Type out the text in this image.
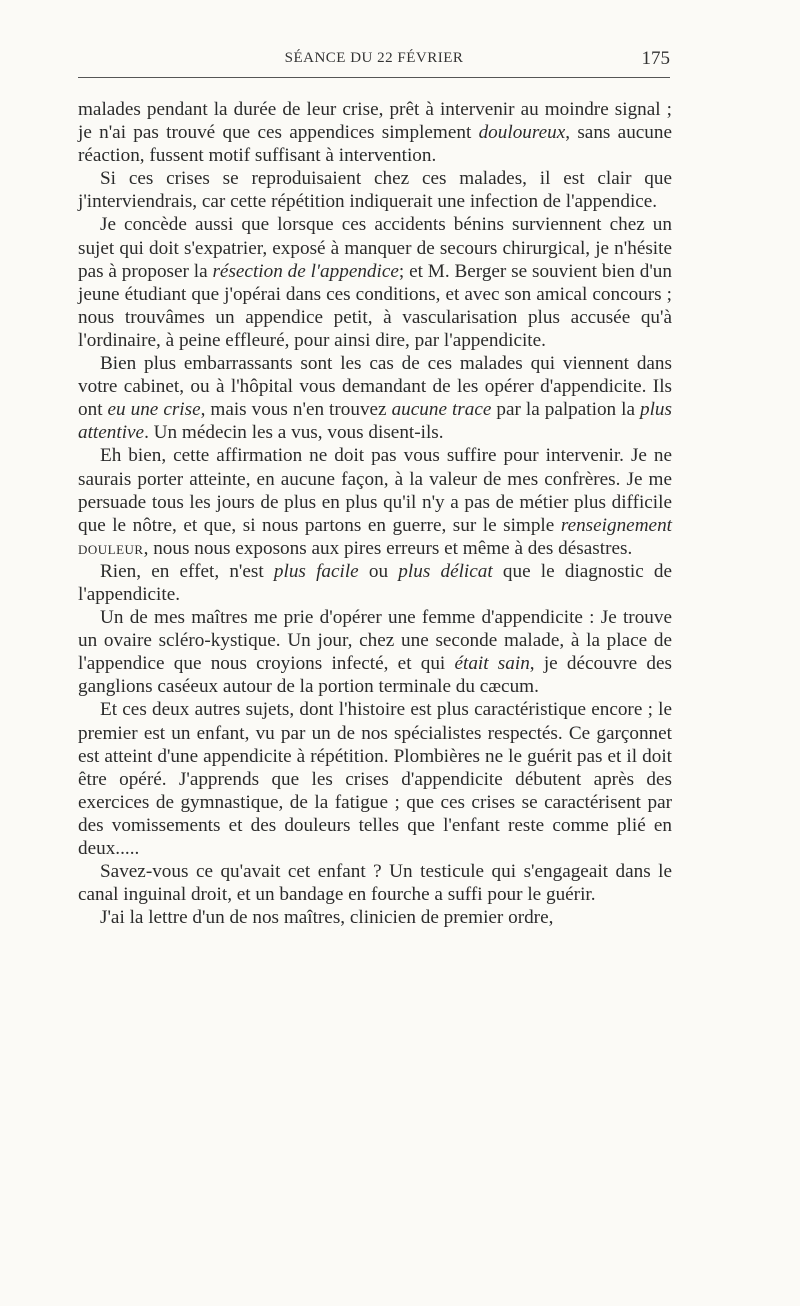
SÉANCE DU 22 FÉVRIER	175

malades pendant la durée de leur crise, prêt à intervenir au moindre signal ; je n'ai pas trouvé que ces appendices simplement douloureux, sans aucune réaction, fussent motif suffisant à intervention.

Si ces crises se reproduisaient chez ces malades, il est clair que j'interviendrais, car cette répétition indiquerait une infection de l'appendice.

Je concède aussi que lorsque ces accidents bénins surviennent chez un sujet qui doit s'expatrier, exposé à manquer de secours chirurgical, je n'hésite pas à proposer la résection de l'appendice; et M. Berger se souvient bien d'un jeune étudiant que j'opérai dans ces conditions, et avec son amical concours ; nous trouvâmes un appendice petit, à vascularisation plus accusée qu'à l'ordinaire, à peine effleuré, pour ainsi dire, par l'appendicite.

Bien plus embarrassants sont les cas de ces malades qui viennent dans votre cabinet, ou à l'hôpital vous demandant de les opérer d'appendicite. Ils ont eu une crise, mais vous n'en trouvez aucune trace par la palpation la plus attentive. Un médecin les a vus, vous disent-ils.

Eh bien, cette affirmation ne doit pas vous suffire pour intervenir. Je ne saurais porter atteinte, en aucune façon, à la valeur de mes confrères. Je me persuade tous les jours de plus en plus qu'il n'y a pas de métier plus difficile que le nôtre, et que, si nous partons en guerre, sur le simple renseignement douleur, nous nous exposons aux pires erreurs et même à des désastres.

Rien, en effet, n'est plus facile ou plus délicat que le diagnostic de l'appendicite.

Un de mes maîtres me prie d'opérer une femme d'appendicite : Je trouve un ovaire scléro-kystique. Un jour, chez une seconde malade, à la place de l'appendice que nous croyions infecté, et qui était sain, je découvre des ganglions caséeux autour de la portion terminale du cæcum.

Et ces deux autres sujets, dont l'histoire est plus caractéristique encore ; le premier est un enfant, vu par un de nos spécialistes respectés. Ce garçonnet est atteint d'une appendicite à répétition. Plombières ne le guérit pas et il doit être opéré. J'apprends que les crises d'appendicite débutent après des exercices de gymnastique, de la fatigue ; que ces crises se caractérisent par des vomissements et des douleurs telles que l'enfant reste comme plié en deux.....

Savez-vous ce qu'avait cet enfant ? Un testicule qui s'engageait dans le canal inguinal droit, et un bandage en fourche a suffi pour le guérir.

J'ai la lettre d'un de nos maîtres, clinicien de premier ordre,
